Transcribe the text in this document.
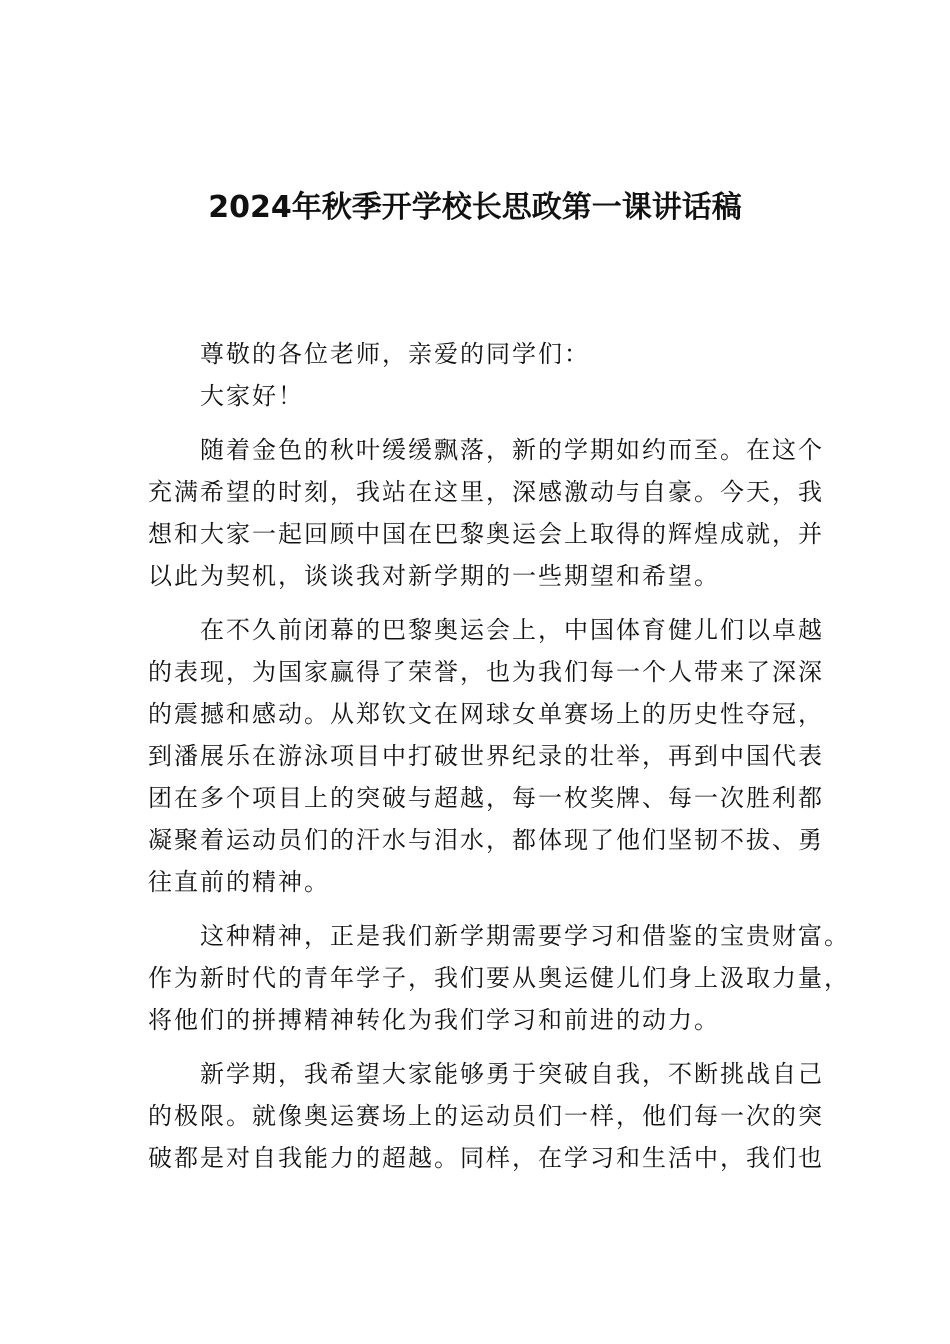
2024年秋季开学校长思政第一课讲话稿
尊敬的各位老师，亲爱的同学们：
大家好！
随着金色的秋叶缓缓飘落，新的学期如约而至。在这个
充满希望的时刻，我站在这里，深感激动与自豪。今天，我
想和大家一起回顾中国在巴黎奥运会上取得的辉煌成就，并
以此为契机，谈谈我对新学期的一些期望和希望。
在不久前闭幕的巴黎奥运会上，中国体育健儿们以卓越
的表现，为国家赢得了荣誉，也为我们每一个人带来了深深
的震撼和感动。从郑钦文在网球女单赛场上的历史性夺冠，
到潘展乐在游泳项目中打破世界纪录的壮举，再到中国代表
团在多个项目上的突破与超越，每一枚奖牌、每一次胜利都
凝聚着运动员们的汗水与泪水，都体现了他们坚韧不拔、勇
往直前的精神。
这种精神，正是我们新学期需要学习和借鉴的宝贵财富。
作为新时代的青年学子，我们要从奥运健儿们身上汲取力量，
将他们的拼搏精神转化为我们学习和前进的动力。
新学期，我希望大家能够勇于突破自我，不断挑战自己
的极限。就像奥运赛场上的运动员们一样，他们每一次的突
破都是对自我能力的超越。同样，在学习和生活中，我们也
